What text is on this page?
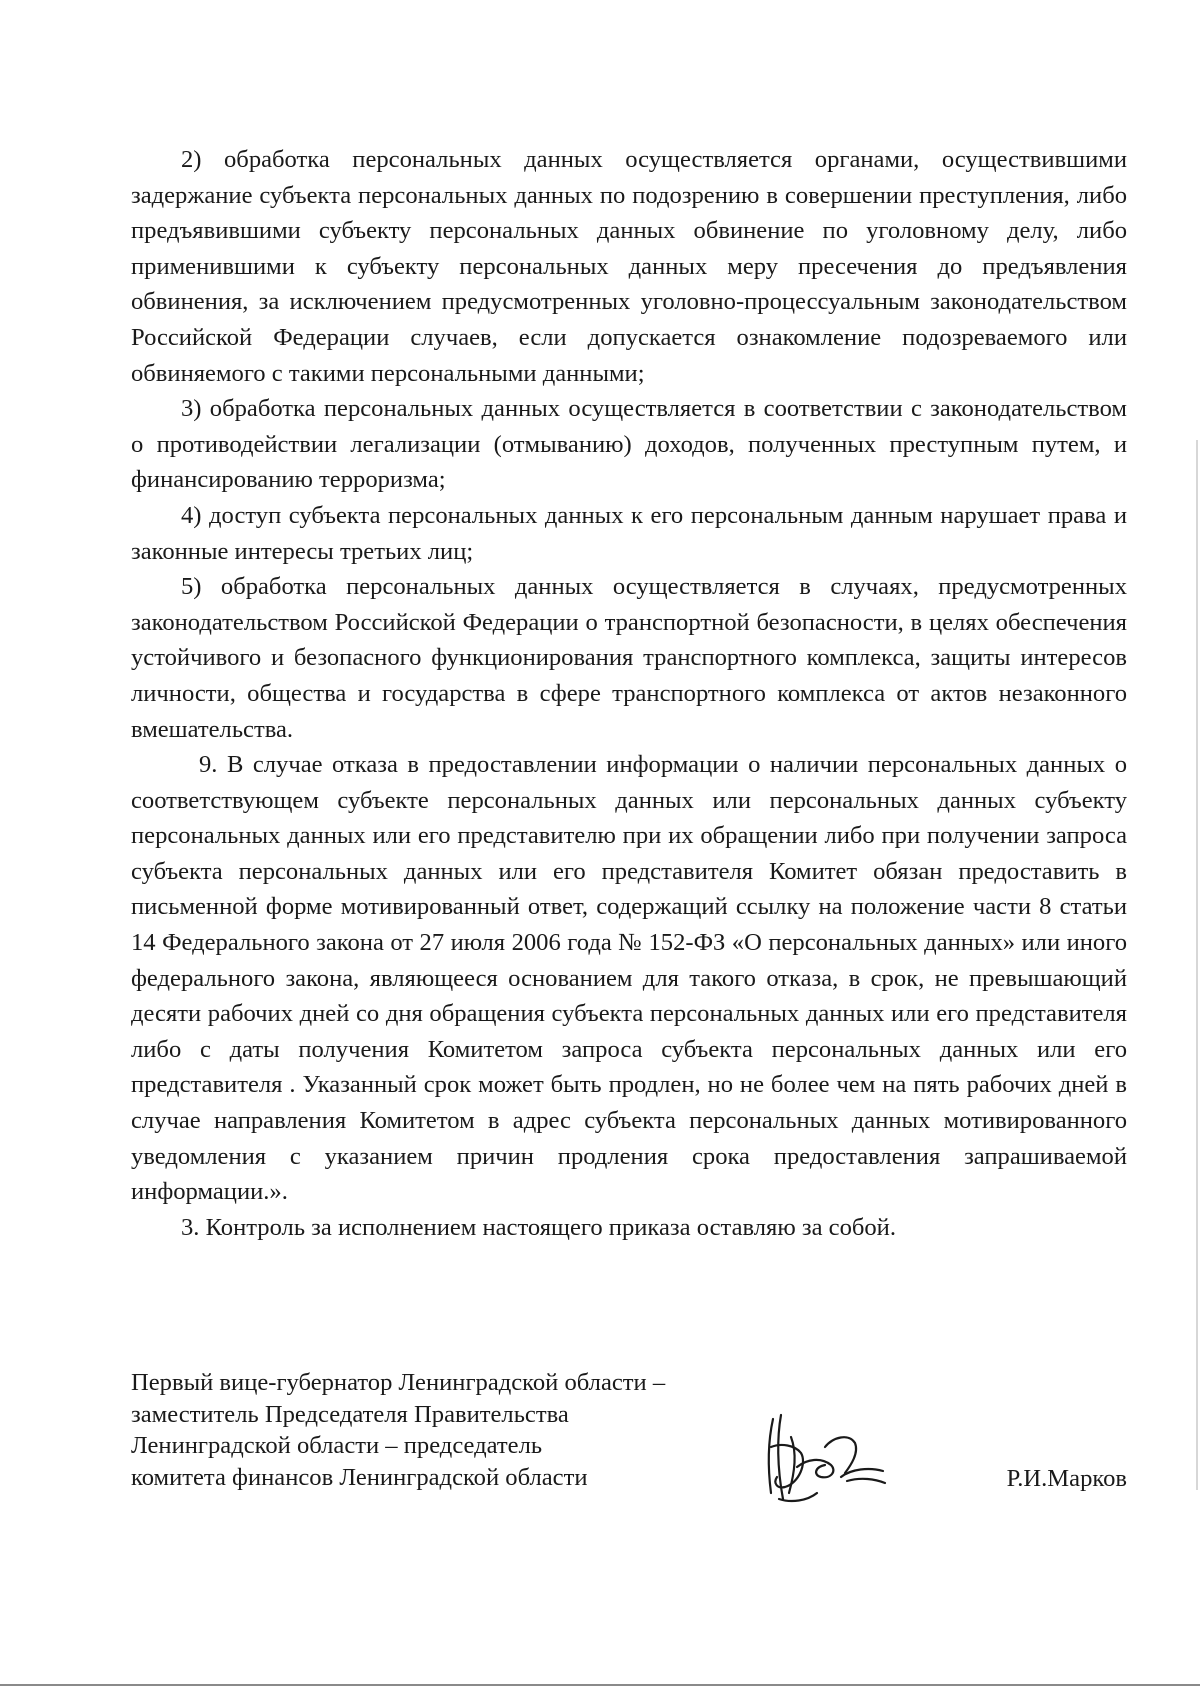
2) обработка персональных данных осуществляется органами, осуществившими задержание субъекта персональных данных по подозрению в совершении преступления, либо предъявившими субъекту персональных данных обвинение по уголовному делу, либо применившими к субъекту персональных данных меру пресечения до предъявления обвинения, за исключением предусмотренных уголовно-процессуальным законодательством Российской Федерации случаев, если допускается ознакомление подозреваемого или обвиняемого с такими персональными данными;

3) обработка персональных данных осуществляется в соответствии с законодательством о противодействии легализации (отмыванию) доходов, полученных преступным путем, и финансированию терроризма;

4) доступ субъекта персональных данных к его персональным данным нарушает права и законные интересы третьих лиц;

5) обработка персональных данных осуществляется в случаях, предусмотренных законодательством Российской Федерации о транспортной безопасности, в целях обеспечения устойчивого и безопасного функционирования транспортного комплекса, защиты интересов личности, общества и государства в сфере транспортного комплекса от актов незаконного вмешательства.

9. В случае отказа в предоставлении информации о наличии персональных данных о соответствующем субъекте персональных данных или персональных данных субъекту персональных данных или его представителю при их обращении либо при получении запроса субъекта персональных данных или его представителя Комитет обязан предоставить в письменной форме мотивированный ответ, содержащий ссылку на положение части 8 статьи 14 Федерального закона от 27 июля 2006 года № 152-ФЗ «О персональных данных» или иного федерального закона, являющееся основанием для такого отказа, в срок, не превышающий десяти рабочих дней со дня обращения субъекта персональных данных или его представителя либо с даты получения Комитетом запроса субъекта персональных данных или его представителя . Указанный срок может быть продлен, но не более чем на пять рабочих дней в случае направления Комитетом в адрес субъекта персональных данных мотивированного уведомления с указанием причин продления срока предоставления запрашиваемой информации.».

3. Контроль за исполнением настоящего приказа оставляю за собой.

Первый вице-губернатор Ленинградской области –
заместитель Председателя Правительства
Ленинградской области – председатель
комитета финансов Ленинградской области	Р.И.Марков
